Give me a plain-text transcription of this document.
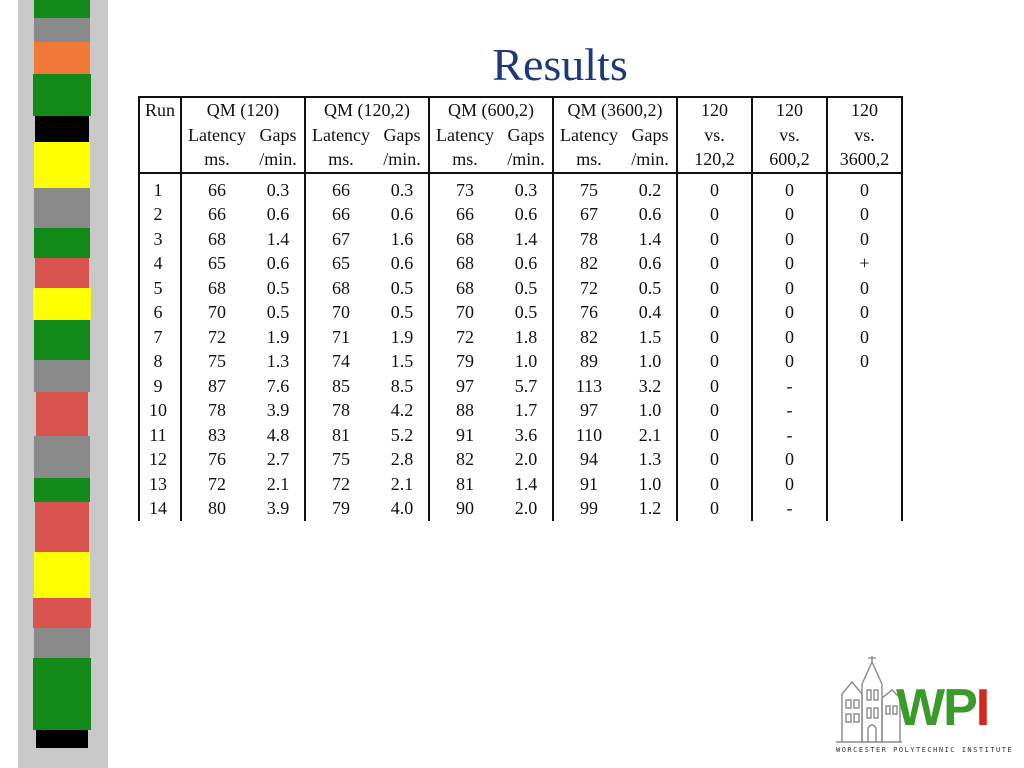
Results
Run	QM (120)		QM (120,2)		QM (600,2)		QM (3600,2)		120	120	120
	Latency	Gaps	Latency	Gaps	Latency	Gaps	Latency	Gaps	vs.	vs.	vs.
	ms.	/min.	ms.	/min.	ms.	/min.	ms.	/min.	120,2	600,2	3600,2

1	66	0.3	66	0.3	73	0.3	75	0.2	0	0	0
2	66	0.6	66	0.6	66	0.6	67	0.6	0	0	0
3	68	1.4	67	1.6	68	1.4	78	1.4	0	0	0
4	65	0.6	65	0.6	68	0.6	82	0.6	0	0	+
5	68	0.5	68	0.5	68	0.5	72	0.5	0	0	0
6	70	0.5	70	0.5	70	0.5	76	0.4	0	0	0
7	72	1.9	71	1.9	72	1.8	82	1.5	0	0	0
8	75	1.3	74	1.5	79	1.0	89	1.0	0	0	0
9	87	7.6	85	8.5	97	5.7	113	3.2	0	-	
10	78	3.9	78	4.2	88	1.7	97	1.0	0	-	
11	83	4.8	81	5.2	91	3.6	110	2.1	0	-	
12	76	2.7	75	2.8	82	2.0	94	1.3	0	0	
13	72	2.1	72	2.1	81	1.4	91	1.0	0	0	
14	80	3.9	79	4.0	90	2.0	99	1.2	0	-	
WPI
WORCESTER POLYTECHNIC INSTITUTE
